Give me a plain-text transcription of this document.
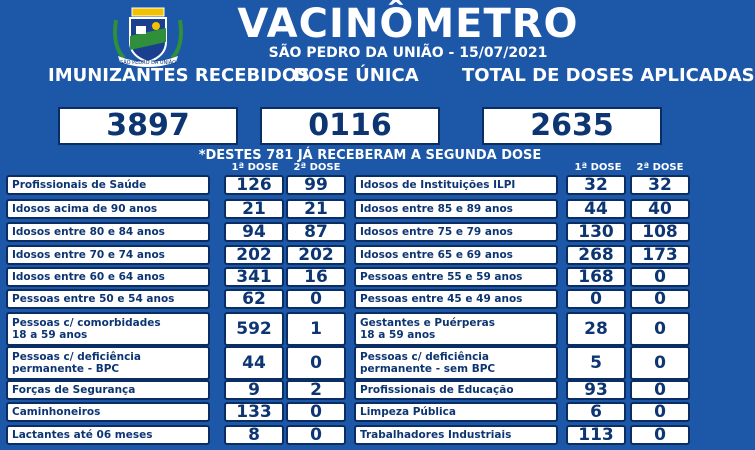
SÃO PEDRO DA UNIÃO
VACINÔMETRO
SÃO PEDRO DA UNIÃO - 15/07/2021
IMUNIZANTES RECEBIDOS
DOSE ÚNICA	TOTAL DE DOSES APLICADAS
3897	0116	2635
*DESTES 781 JÁ RECEBERAM A SEGUNDA DOSE
1ª DOSE	2ª DOSE	1ª DOSE	2ª DOSE
Profissionais de Saúde	126	99
Idosos acima de 90 anos	21	21
Idosos entre 80 e 84 anos	94	87
Idosos entre 70 e 74 anos	202	202
Idosos entre 60 e 64 anos	341	16
Pessoas entre 50 e 54 anos	62	0
Pessoas c/ comorbidades
18 a 59 anos	592	1
Pessoas c/ deficiência
permanente - BPC	44	0
Forças de Segurança	9	2
Caminhoneiros	133	0
Lactantes até 06 meses	8	0
Idosos de Instituições ILPI	32	32
Idosos entre 85 e 89 anos	44	40
Idosos entre 75 e 79 anos	130	108
Idosos entre 65 e 69 anos	268	173
Pessoas entre 55 e 59 anos	168	0
Pessoas entre 45 e 49 anos	0	0
Gestantes e Puérperas
18 a 59 anos	28	0
Pessoas c/ deficiência
permanente - sem BPC	5	0
Profissionais de Educação	93	0
Limpeza Pública	6	0
Trabalhadores Industriais	113	0
